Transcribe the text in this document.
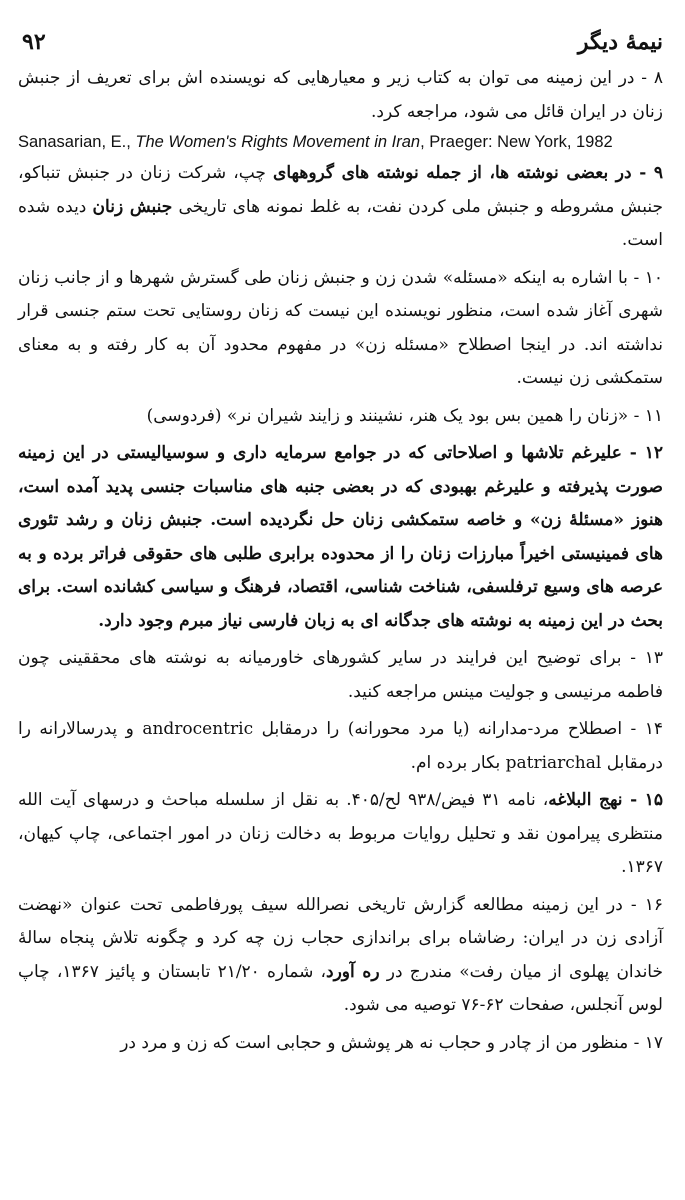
۹۲	نیمهٔ دیگر

۸ - در این زمینه می توان به کتاب زیر و معیارهایی که نویسنده اش برای تعریف از جنبش زنان در ایران قائل می شود، مراجعه کرد.

Sanasarian, E., The Women's Rights Movement in Iran, Praeger: New York, 1982

۹ - در بعضی نوشته ها، از جمله نوشته های گروههای چپ، شرکت زنان در جنبش تنباکو، جنبش مشروطه و جنبش ملی کردن نفت، به غلط نمونه های تاریخی جنبش زنان دیده شده است.

۱۰ - با اشاره به اینکه «مسئله» شدن زن و جنبش زنان طی گسترش شهرها و از جانب زنان شهری آغاز شده است، منظور نویسنده این نیست که زنان روستایی تحت ستم جنسی قرار نداشته اند. در اینجا اصطلاح «مسئله زن» در مفهوم محدود آن به کار رفته و به معنای ستمکشی زن نیست.

۱۱ - «زنان را همین بس بود یک هنر، نشینند و زایند شیران نر» (فردوسی)

۱۲ - علیرغم تلاشها و اصلاحاتی که در جوامع سرمایه داری و سوسیالیستی در این زمینه صورت پذیرفته و علیرغم بهبودی که در بعضی جنبه های مناسبات جنسی پدید آمده است، هنوز «مسئلهٔ زن» و خاصه ستمکشی زنان حل نگردیده است. جنبش زنان و رشد تئوری های فمینیستی اخیراً مبارزات زنان را از محدوده برابری طلبی های حقوقی فراتر برده و به عرصه های وسیع ترفلسفی، شناخت شناسی، اقتصاد، فرهنگ و سیاسی کشانده است. برای بحث در این زمینه به نوشته های جدگانه ای به زبان فارسی نیاز مبرم وجود دارد.

۱۳ - برای توضیح این فرایند در سایر کشورهای خاورمیانه به نوشته های محققینی چون فاطمه مرنیسی و جولیت مینس مراجعه کنید.

۱۴ - اصطلاح مرد-مدارانه (یا مرد محورانه) را درمقابل androcentric و پدرسالارانه را درمقابل patriarchal بکار برده ام.

۱۵ - نهج البلاغه، نامه ۳۱ فیض/۹۳۸ لح/۴۰۵. به نقل از سلسله مباحث و درسهای آیت الله منتظری پیرامون نقد و تحلیل روایات مربوط به دخالت زنان در امور اجتماعی، چاپ کیهان، ۱۳۶۷.

۱۶ - در این زمینه مطالعه گزارش تاریخی نصرالله سیف پورفاطمی تحت عنوان «نهضت آزادی زن در ایران: رضاشاه برای براندازی حجاب زن چه کرد و چگونه تلاش پنجاه سالهٔ خاندان پهلوی از میان رفت» مندرج در ره آورد، شماره ۲۱/۲۰ تابستان و پائیز ۱۳۶۷، چاپ لوس آنجلس، صفحات ۶۲-۷۶ توصیه می شود.

۱۷ - منظور من از چادر و حجاب نه هر پوشش و حجابی است که زن و مرد در
